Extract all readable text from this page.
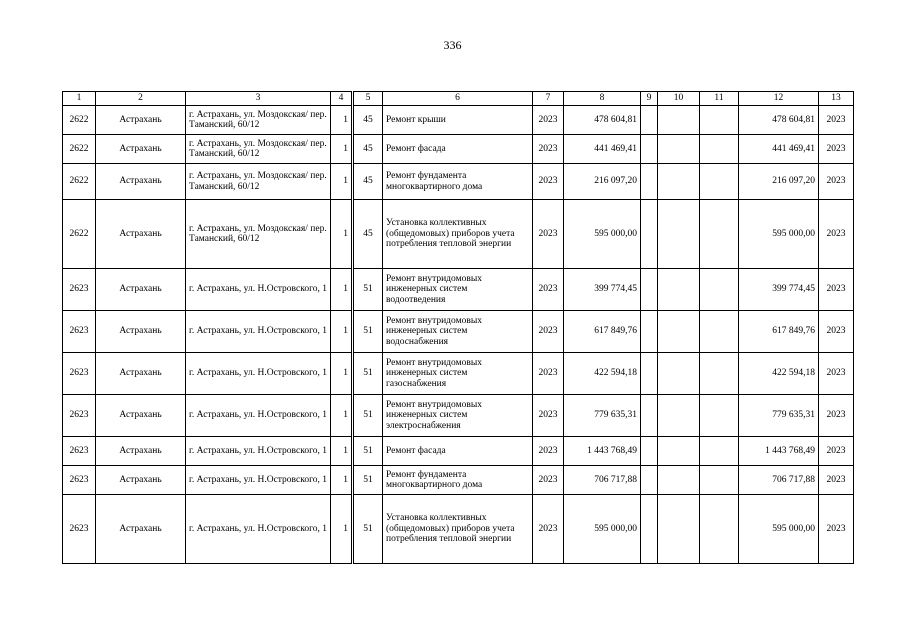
336
1	2	3	4	5	6	7	8	9	10	11	12	13
2622	Астрахань	г. Астрахань, ул. Моздокская/ пер. Таманский, 60/12	1	45	Ремонт крыши	2023	478 604,81				478 604,81	2023
2622	Астрахань	г. Астрахань, ул. Моздокская/ пер. Таманский, 60/12	1	45	Ремонт фасада	2023	441 469,41				441 469,41	2023
2622	Астрахань	г. Астрахань, ул. Моздокская/ пер. Таманский, 60/12	1	45	Ремонт фундамента многоквартирного дома	2023	216 097,20				216 097,20	2023
2622	Астрахань	г. Астрахань, ул. Моздокская/ пер. Таманский, 60/12	1	45	Установка коллективных (общедомовых) приборов учета потребления тепловой энергии	2023	595 000,00				595 000,00	2023
2623	Астрахань	г. Астрахань, ул. Н.Островского, 1	1	51	Ремонт внутридомовых инженерных систем водоотведения	2023	399 774,45				399 774,45	2023
2623	Астрахань	г. Астрахань, ул. Н.Островского, 1	1	51	Ремонт внутридомовых инженерных систем водоснабжения	2023	617 849,76				617 849,76	2023
2623	Астрахань	г. Астрахань, ул. Н.Островского, 1	1	51	Ремонт внутридомовых инженерных систем газоснабжения	2023	422 594,18				422 594,18	2023
2623	Астрахань	г. Астрахань, ул. Н.Островского, 1	1	51	Ремонт внутридомовых инженерных систем электроснабжения	2023	779 635,31				779 635,31	2023
2623	Астрахань	г. Астрахань, ул. Н.Островского, 1	1	51	Ремонт фасада	2023	1 443 768,49				1 443 768,49	2023
2623	Астрахань	г. Астрахань, ул. Н.Островского, 1	1	51	Ремонт фундамента многоквартирного дома	2023	706 717,88				706 717,88	2023
2623	Астрахань	г. Астрахань, ул. Н.Островского, 1	1	51	Установка коллективных (общедомовых) приборов учета потребления тепловой энергии	2023	595 000,00				595 000,00	2023
